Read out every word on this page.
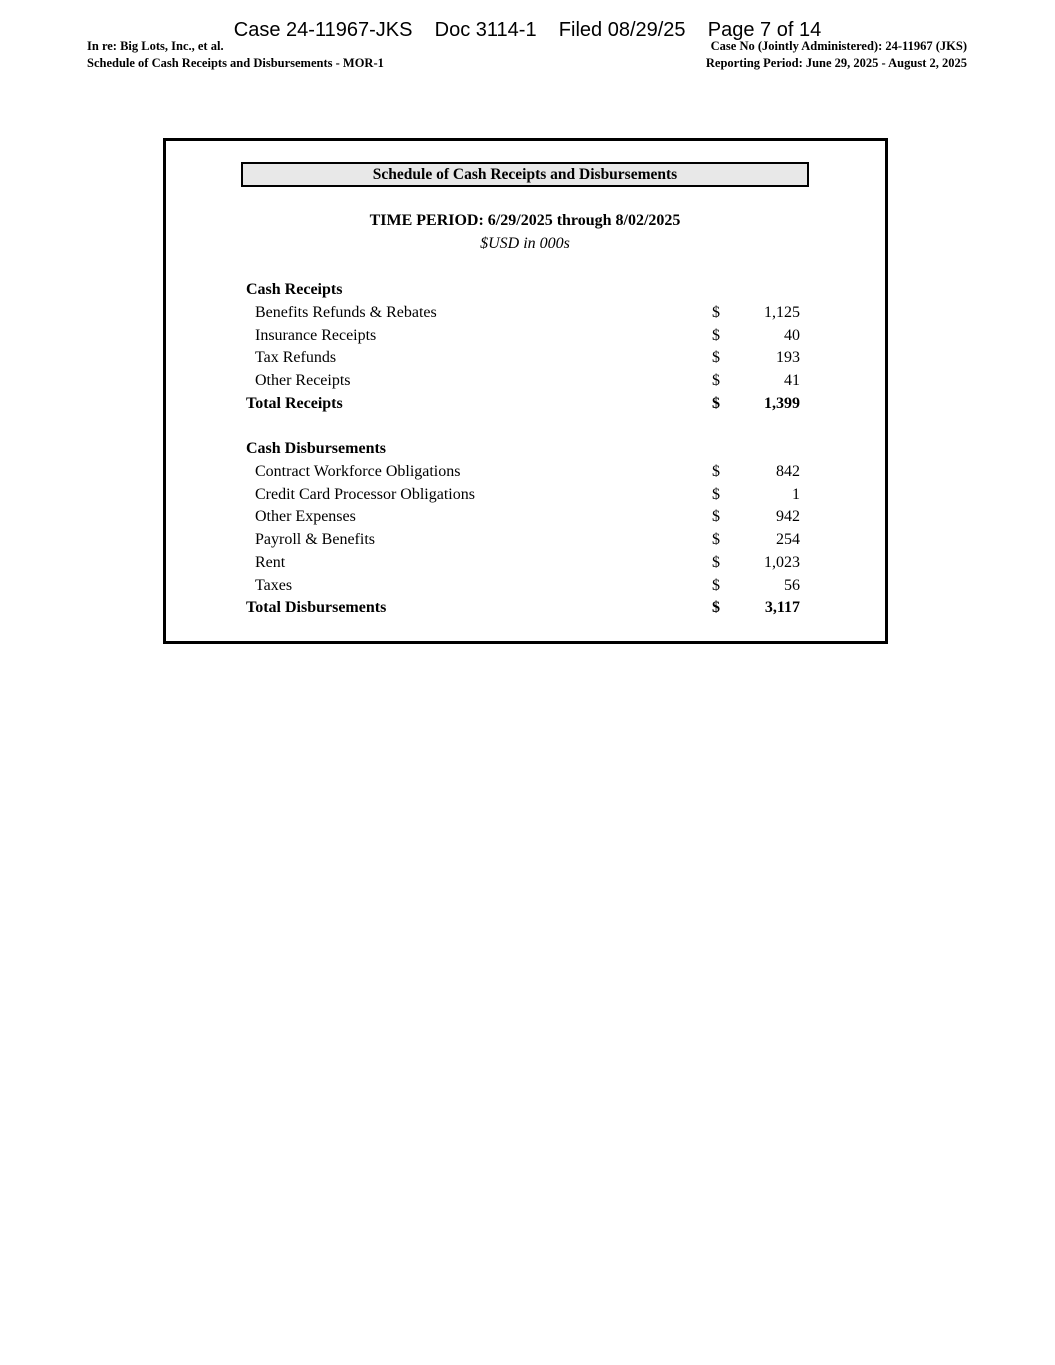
Case 24-11967-JKS    Doc 3114-1    Filed 08/29/25    Page 7 of 14
In re: Big Lots, Inc., et al.
Schedule of Cash Receipts and Disbursements - MOR-1
Case No (Jointly Administered): 24-11967 (JKS)
Reporting Period: June 29, 2025 - August 2, 2025
Schedule of Cash Receipts and Disbursements
TIME PERIOD: 6/29/2025 through 8/02/2025
$USD in 000s
Cash Receipts
Benefits Refunds & Rebates	$	1,125
Insurance Receipts	$	40
Tax Refunds	$	193
Other Receipts	$	41
Total Receipts	$	1,399
Cash Disbursements
Contract Workforce Obligations	$	842
Credit Card Processor Obligations	$	1
Other Expenses	$	942
Payroll & Benefits	$	254
Rent	$	1,023
Taxes	$	56
Total Disbursements	$	3,117
